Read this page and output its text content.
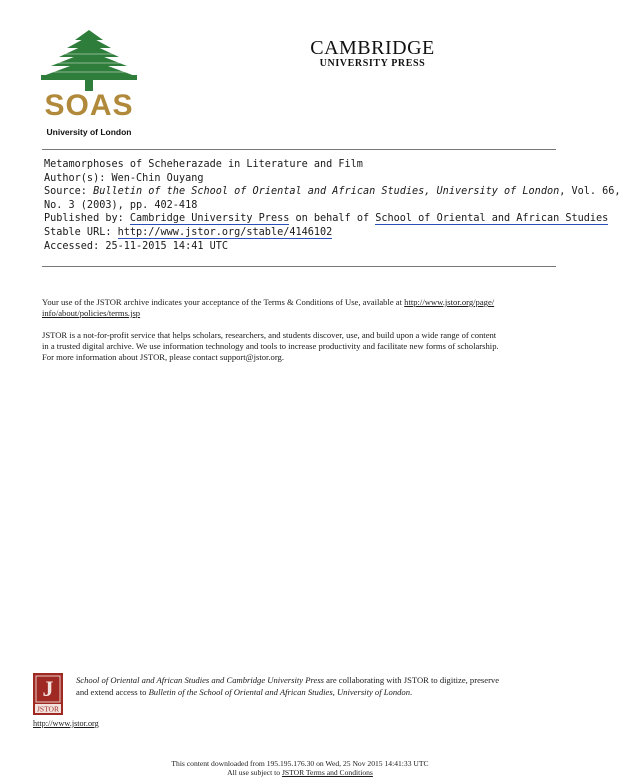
SOAS
University of London
CAMBRIDGE
UNIVERSITY PRESS
Metamorphoses of Scheherazade in Literature and Film
Author(s): Wen-Chin Ouyang
Source: Bulletin of the School of Oriental and African Studies, University of London, Vol. 66,
No. 3 (2003), pp. 402-418
Published by: Cambridge University Press on behalf of School of Oriental and African Studies
Stable URL: http://www.jstor.org/stable/4146102
Accessed: 25-11-2015 14:41 UTC

Your use of the JSTOR archive indicates your acceptance of the Terms & Conditions of Use, available at http://www.jstor.org/page/
info/about/policies/terms.jsp

JSTOR is a not-for-profit service that helps scholars, researchers, and students discover, use, and build upon a wide range of content

in a trusted digital archive. We use information technology and tools to increase productivity and facilitate new forms of scholarship.

For more information about JSTOR, please contact support@jstor.org.

J
JSTOR
School of Oriental and African Studies and Cambridge University Press are collaborating with JSTOR to digitize, preserve
and extend access to Bulletin of the School of Oriental and African Studies, University of London.
http://www.jstor.org
This content downloaded from 195.195.176.30 on Wed, 25 Nov 2015 14:41:33 UTC
All use subject to JSTOR Terms and Conditions
